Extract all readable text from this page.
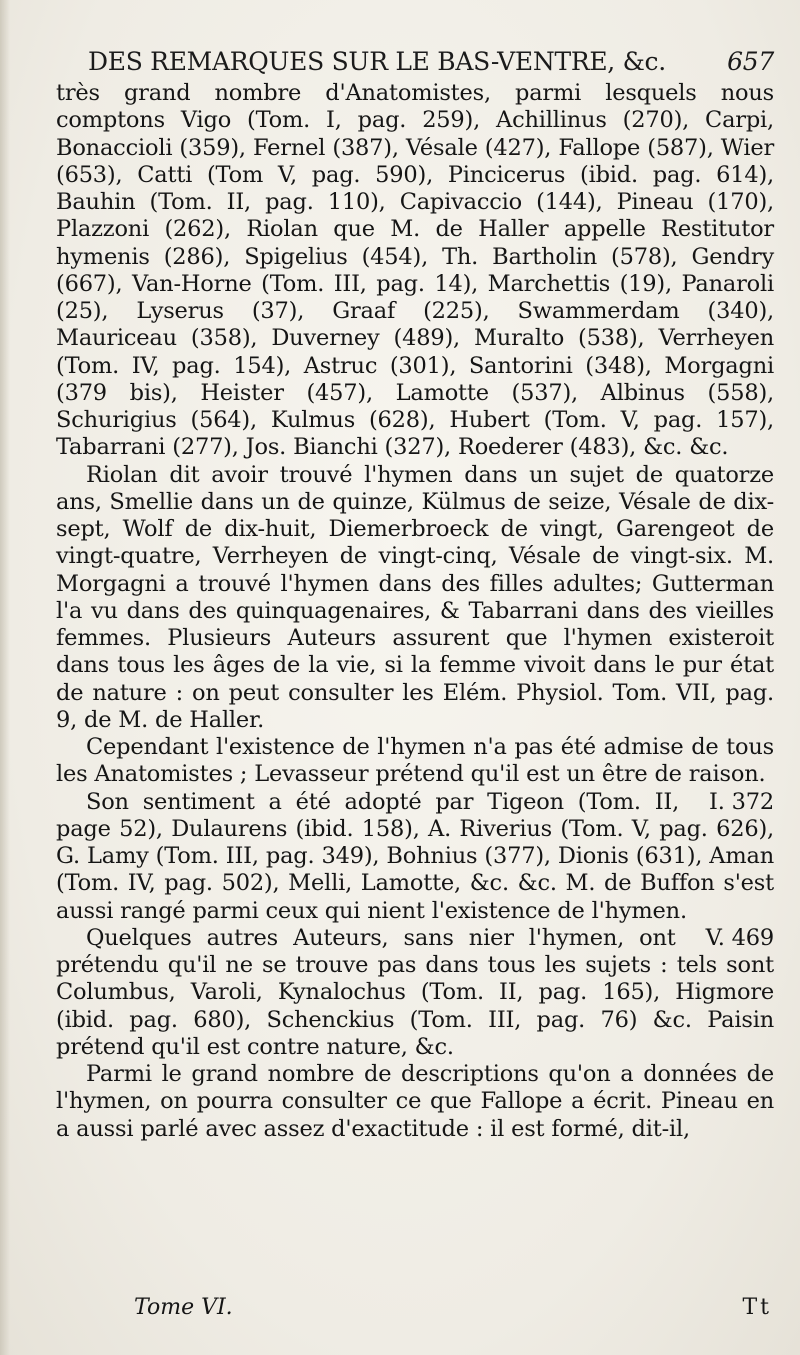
DES REMARQUES SUR LE BAS-VENTRE, &c. 657

très grand nombre d'Anatomistes, parmi lesquels nous comptons Vigo (Tom. I, pag. 259), Achillinus (270), Carpi, Bonaccioli (359), Fernel (387), Vésale (427), Fallope (587), Wier (653), Catti (Tom V, pag. 590), Pincicerus (ibid. pag. 614), Bauhin (Tom. II, pag. 110), Capivaccio (144), Pineau (170), Plazzoni (262), Riolan que M. de Haller appelle Restitutor hymenis (286), Spigelius (454), Th. Bartholin (578), Gendry (667), Van-Horne (Tom. III, pag. 14), Marchettis (19), Panaroli (25), Lyserus (37), Graaf (225), Swammerdam (340), Mauriceau (358), Duverney (489), Muralto (538), Verrheyen (Tom. IV, pag. 154), Astruc (301), Santorini (348), Morgagni (379 bis), Heister (457), Lamotte (537), Albinus (558), Schurigius (564), Kulmus (628), Hubert (Tom. V, pag. 157), Tabarrani (277), Jos. Bianchi (327), Roederer (483), &c. &c.

Riolan dit avoir trouvé l'hymen dans un sujet de quatorze ans, Smellie dans un de quinze, Külmus de seize, Vésale de dix-sept, Wolf de dix-huit, Diemerbroeck de vingt, Garengeot de vingt-quatre, Verrheyen de vingt-cinq, Vésale de vingt-six. M. Morgagni a trouvé l'hymen dans des filles adultes; Gutterman l'a vu dans des quinquagenaires, & Tabarrani dans des vieilles femmes. Plusieurs Auteurs assurent que l'hymen existeroit dans tous les âges de la vie, si la femme vivoit dans le pur état de nature : on peut consulter les Elém. Physiol. Tom. VII, pag. 9, de M. de Haller.

Cependant l'existence de l'hymen n'a pas été admise de tous les Anatomistes ; Levasseur prétend qu'il est un être de raison.
I. 372

Son sentiment a été adopté par Tigeon (Tom. II, page 52), Dulaurens (ibid. 158), A. Riverius (Tom. V, pag. 626), G. Lamy (Tom. III, pag. 349), Bohnius (377), Dionis (631), Aman (Tom. IV, pag. 502), Melli, Lamotte, &c. &c. M. de Buffon s'est aussi rangé parmi ceux qui nient l'existence de l'hymen.
V. 469

Quelques autres Auteurs, sans nier l'hymen, ont prétendu qu'il ne se trouve pas dans tous les sujets : tels sont Columbus, Varoli, Kynalochus (Tom. II, pag. 165), Higmore (ibid. pag. 680), Schenckius (Tom. III, pag. 76) &c. Paisin prétend qu'il est contre nature, &c.

Parmi le grand nombre de descriptions qu'on a données de l'hymen, on pourra consulter ce que Fallope a écrit. Pineau en a aussi parlé avec assez d'exactitude : il est formé, dit-il,

Tome VI.	Tt
